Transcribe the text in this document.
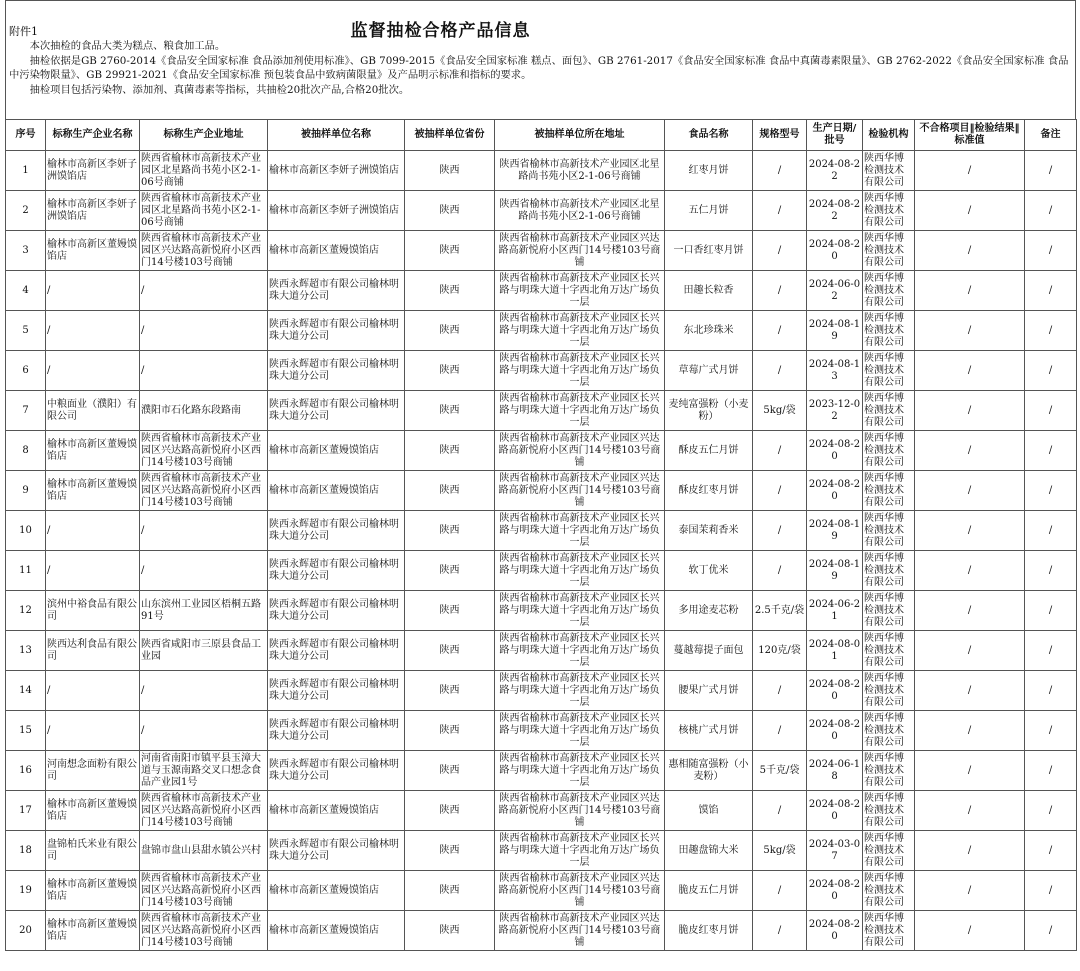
附件1	监督抽检合格产品信息

本次抽检的食品大类为糕点、粮食加工品。

抽检依据是GB 2760-2014《食品安全国家标准 食品添加剂使用标准》、GB 7099-2015《食品安全国家标准 糕点、面包》、GB 2761-2017《食品安全国家标准 食品中真菌毒素限量》、GB 2762-2022《食品安全国家标准 食品中污染物限量》、GB 29921-2021《食品安全国家标准 预包装食品中致病菌限量》及产品明示标准和指标的要求。

抽检项目包括污染物、添加剂、真菌毒素等指标，共抽检20批次产品,合格20批次。

序号	标称生产企业名称	标称生产企业地址	被抽样单位名称	被抽样单位省份	被抽样单位所在地址	食品名称	规格型号	生产日期/批号	检验机构	不合格项目‖检验结果‖标准值	备注
1	榆林市高新区李妍子洲馍馅店	陕西省榆林市高新技术产业园区北星路尚书苑小区2-1-06号商铺	榆林市高新区李妍子洲馍馅店	陕西	陕西省榆林市高新技术产业园区北星路尚书苑小区2-1-06号商铺	红枣月饼	/	2024-08-22	陕西华博检测技术有限公司	/	/
2	榆林市高新区李妍子洲馍馅店	陕西省榆林市高新技术产业园区北星路尚书苑小区2-1-06号商铺	榆林市高新区李妍子洲馍馅店	陕西	陕西省榆林市高新技术产业园区北星路尚书苑小区2-1-06号商铺	五仁月饼	/	2024-08-22	陕西华博检测技术有限公司	/	/
3	榆林市高新区董嫚馍馅店	陕西省榆林市高新技术产业园区兴达路高新悦府小区西门14号楼103号商铺	榆林市高新区董嫚馍馅店	陕西	陕西省榆林市高新技术产业园区兴达路高新悦府小区西门14号楼103号商铺	一口香红枣月饼	/	2024-08-20	陕西华博检测技术有限公司	/	/
4	/	/	陕西永辉超市有限公司榆林明珠大道分公司	陕西	陕西省榆林市高新技术产业园区长兴路与明珠大道十字西北角万达广场负一层	田趣长粒香	/	2024-06-02	陕西华博检测技术有限公司	/	/
5	/	/	陕西永辉超市有限公司榆林明珠大道分公司	陕西	陕西省榆林市高新技术产业园区长兴路与明珠大道十字西北角万达广场负一层	东北珍珠米	/	2024-08-19	陕西华博检测技术有限公司	/	/
6	/	/	陕西永辉超市有限公司榆林明珠大道分公司	陕西	陕西省榆林市高新技术产业园区长兴路与明珠大道十字西北角万达广场负一层	草莓广式月饼	/	2024-08-13	陕西华博检测技术有限公司	/	/
7	中粮面业（濮阳）有限公司	濮阳市石化路东段路南	陕西永辉超市有限公司榆林明珠大道分公司	陕西	陕西省榆林市高新技术产业园区长兴路与明珠大道十字西北角万达广场负一层	麦纯富强粉（小麦粉）	5kg/袋	2023-12-02	陕西华博检测技术有限公司	/	/
8	榆林市高新区董嫚馍馅店	陕西省榆林市高新技术产业园区兴达路高新悦府小区西门14号楼103号商铺	榆林市高新区董嫚馍馅店	陕西	陕西省榆林市高新技术产业园区兴达路高新悦府小区西门14号楼103号商铺	酥皮五仁月饼	/	2024-08-20	陕西华博检测技术有限公司	/	/
9	榆林市高新区董嫚馍馅店	陕西省榆林市高新技术产业园区兴达路高新悦府小区西门14号楼103号商铺	榆林市高新区董嫚馍馅店	陕西	陕西省榆林市高新技术产业园区兴达路高新悦府小区西门14号楼103号商铺	酥皮红枣月饼	/	2024-08-20	陕西华博检测技术有限公司	/	/
10	/	/	陕西永辉超市有限公司榆林明珠大道分公司	陕西	陕西省榆林市高新技术产业园区长兴路与明珠大道十字西北角万达广场负一层	泰国茉莉香米	/	2024-08-19	陕西华博检测技术有限公司	/	/
11	/	/	陕西永辉超市有限公司榆林明珠大道分公司	陕西	陕西省榆林市高新技术产业园区长兴路与明珠大道十字西北角万达广场负一层	软丁优米	/	2024-08-19	陕西华博检测技术有限公司	/	/
12	滨州中裕食品有限公司	山东滨州工业园区梧桐五路91号	陕西永辉超市有限公司榆林明珠大道分公司	陕西	陕西省榆林市高新技术产业园区长兴路与明珠大道十字西北角万达广场负一层	多用途麦芯粉	2.5千克/袋	2024-06-21	陕西华博检测技术有限公司	/	/
13	陕西达利食品有限公司	陕西省咸阳市三原县食品工业园	陕西永辉超市有限公司榆林明珠大道分公司	陕西	陕西省榆林市高新技术产业园区长兴路与明珠大道十字西北角万达广场负一层	蔓越莓提子面包	120克/袋	2024-08-01	陕西华博检测技术有限公司	/	/
14	/	/	陕西永辉超市有限公司榆林明珠大道分公司	陕西	陕西省榆林市高新技术产业园区长兴路与明珠大道十字西北角万达广场负一层	腰果广式月饼	/	2024-08-20	陕西华博检测技术有限公司	/	/
15	/	/	陕西永辉超市有限公司榆林明珠大道分公司	陕西	陕西省榆林市高新技术产业园区长兴路与明珠大道十字西北角万达广场负一层	核桃广式月饼	/	2024-08-20	陕西华博检测技术有限公司	/	/
16	河南想念面粉有限公司	河南省南阳市镇平县玉漳大道与玉源南路交叉口想念食品产业园1号	陕西永辉超市有限公司榆林明珠大道分公司	陕西	陕西省榆林市高新技术产业园区长兴路与明珠大道十字西北角万达广场负一层	惠相随富强粉（小麦粉）	5千克/袋	2024-06-18	陕西华博检测技术有限公司	/	/
17	榆林市高新区董嫚馍馅店	陕西省榆林市高新技术产业园区兴达路高新悦府小区西门14号楼103号商铺	榆林市高新区董嫚馍馅店	陕西	陕西省榆林市高新技术产业园区兴达路高新悦府小区西门14号楼103号商铺	馍馅	/	2024-08-20	陕西华博检测技术有限公司	/	/
18	盘锦柏氏米业有限公司	盘锦市盘山县甜水镇公兴村	陕西永辉超市有限公司榆林明珠大道分公司	陕西	陕西省榆林市高新技术产业园区长兴路与明珠大道十字西北角万达广场负一层	田趣盘锦大米	5kg/袋	2024-03-07	陕西华博检测技术有限公司	/	/
19	榆林市高新区董嫚馍馅店	陕西省榆林市高新技术产业园区兴达路高新悦府小区西门14号楼103号商铺	榆林市高新区董嫚馍馅店	陕西	陕西省榆林市高新技术产业园区兴达路高新悦府小区西门14号楼103号商铺	脆皮五仁月饼	/	2024-08-20	陕西华博检测技术有限公司	/	/
20	榆林市高新区董嫚馍馅店	陕西省榆林市高新技术产业园区兴达路高新悦府小区西门14号楼103号商铺	榆林市高新区董嫚馍馅店	陕西	陕西省榆林市高新技术产业园区兴达路高新悦府小区西门14号楼103号商铺	脆皮红枣月饼	/	2024-08-20	陕西华博检测技术有限公司	/	/
